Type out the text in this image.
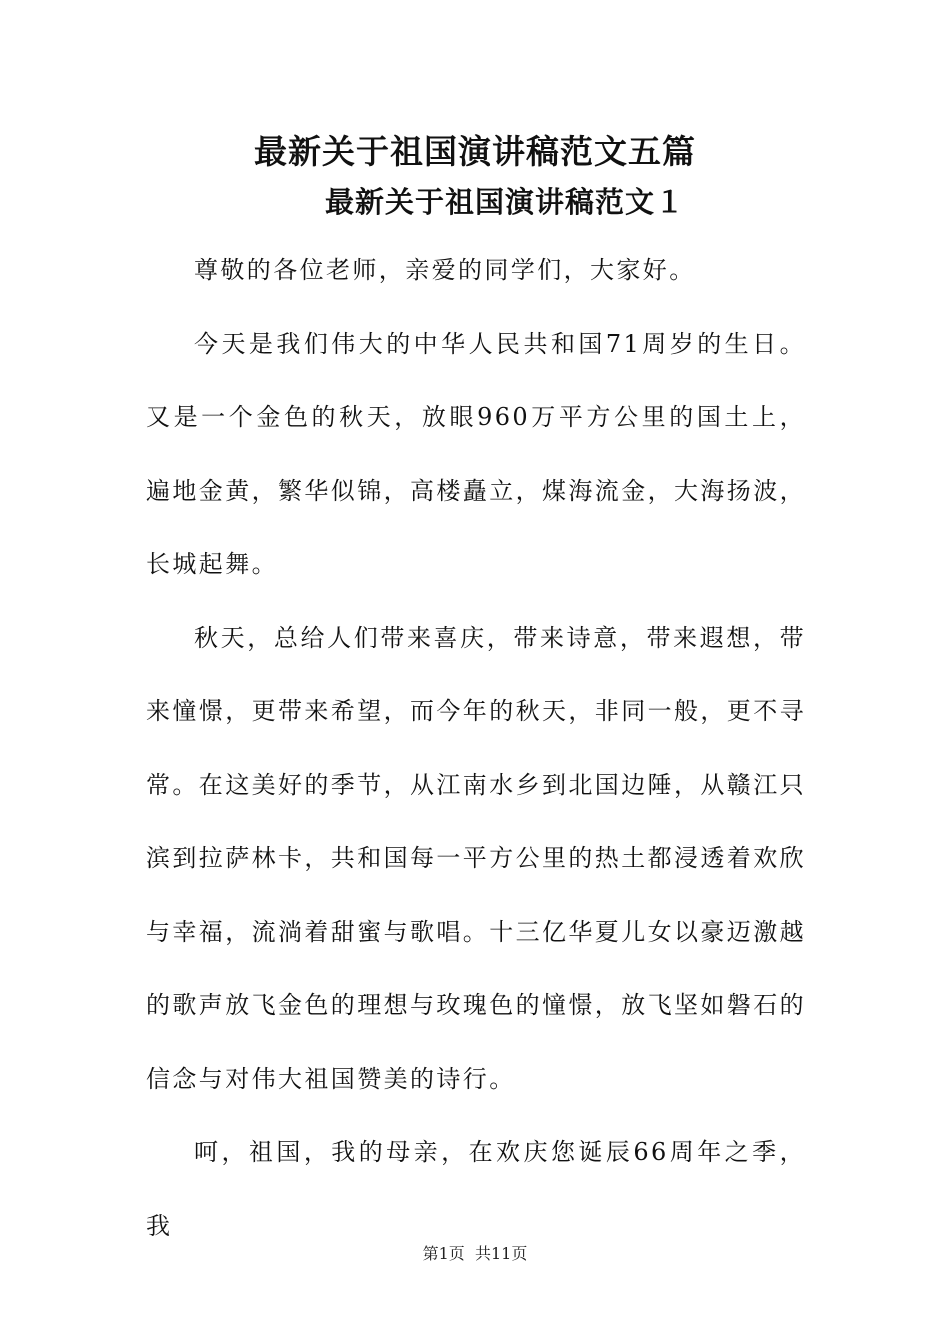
最新关于祖国演讲稿范文五篇
最新关于祖国演讲稿范文１

尊敬的各位老师，亲爱的同学们，大家好。

今天是我们伟大的中华人民共和国71周岁的生日。又是一个金色的秋天，放眼960万平方公里的国土上，遍地金黄，繁华似锦，高楼矗立，煤海流金，大海扬波，长城起舞。

秋天，总给人们带来喜庆，带来诗意，带来遐想，带来憧憬，更带来希望，而今年的秋天，非同一般，更不寻常。在这美好的季节，从江南水乡到北国边陲，从赣江只滨到拉萨林卡，共和国每一平方公里的热土都浸透着欢欣与幸福，流淌着甜蜜与歌唱。十三亿华夏儿女以豪迈激越的歌声放飞金色的理想与玫瑰色的憧憬，放飞坚如磐石的信念与对伟大祖国赞美的诗行。

呵，祖国，我的母亲，在欢庆您诞辰66周年之季，我

第1页 共11页
